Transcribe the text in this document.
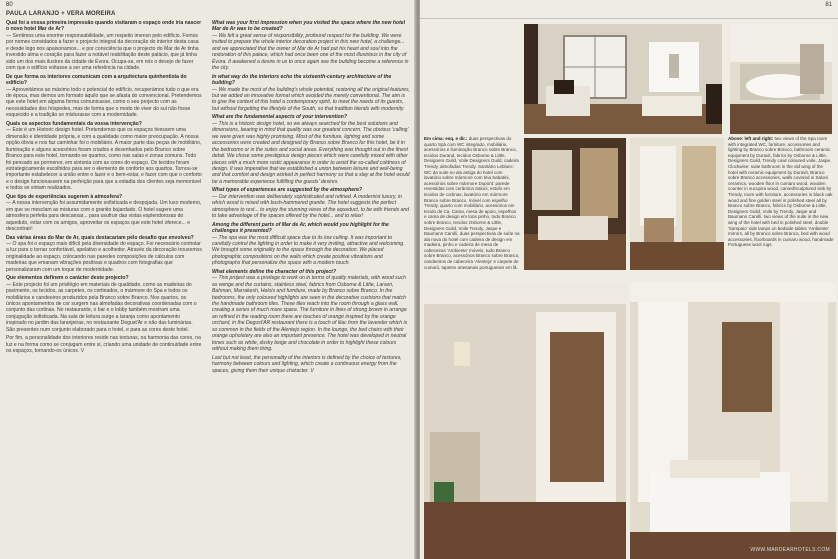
80
PAULA LARANJO + VERA MOREIRA

Qual foi a vossa primeira impressão quando visitaram o espaço onde iria nascer o novo hotel Mar de Ar?
— Sentimos uma enorme responsabilidade, um respeito imenso pelo edifício. Fomos por nomes convidados a fazer o projecto integral da decoração do interior desta casa e desde logo nos apaixonamos... e por consciência que o projecto do Mar de Ar tinha investido alma e coração para fazer a notável reabilitação deste palácio, que já tinha sido um dos mais ilustres da cidade de Évora. Ocupa-se, em nós o desejo de fazer com que o edifício voltasse a ser uma referência na cidade.

De que forma os interiores comunicam com a arquitectura quinhentista do edifício?
— Aproveitámos ao máximo todo o potencial do edifício, recuperámos tudo o que era de época, mas demos um formato àquilo que se afasta do convencional. Pretendemos que este hotel em alguma forma comunicasse, como o seu projecto com as necessidades dos hóspedes, mas de forma que o modo de viver do sul não fosse esquecido e a tradição se misturasse com a modernidade.

Quais os aspectos fundamentais da vossa intervenção?
— Este é um Historic design hotel. Pretendemos que os espaços tivessem uma dimensão e identidade própria, e com a qualidade como maior preocupação. A nossa opção óbvia e nos faz caminhar foi o mobiliário. A maior parte das peças de mobiliário, iluminação e alguns acessórios foram criados e desenhados pelo Branco sobre Branco para este hotel, tornando-se quartos, como nas salas e zonas comuns. Todo foi pensado ao pormenor, em sintonia com as cores do espaço. Os tecidos foram estrategicamente escolhidos para ser o elemento de conforto aos quartos. Tornou-se importante estabelecer a união entre o lazer e o bem-estar, e fazer com que o conforto e o design funcionassem na perfeição para que a estadia dos clientes seja memorável e todos se sintam realizados.

Que tipo de experiências sugerem à atmosfera?
— A nossa intervenção foi assumidamente sofisticada e despojada. Um luxo moderno, em que se mesclam as misturas com o granito bujardado. O hotel sugere uma atmosfera perfeita para descansar... para usufruir das vistas esplendorosas do aqueduto, estar com os amigos, aproveitar os espaços que este hotel oferece... e descontrair!

Das várias áreas do Mar de Ar, quais destacariam pelo desafio que envolveu?
— O spa foi o espaço mais difícil pela diversidade do espaço. Foi necessário controlar a luz para o tornar confortável, apelativo e acolhedor. Através da decoração trouxemos originalidade ao espaço, colocando nas paredes composições de cálculos com madeiras que emanam vibrações positivas e quadros com fotografias que personalizaram com um toque de modernidade.

Que elementos definem o carácter deste projecto?
— Este projecto foi um privilégio em materiais de qualidade, como as madeiras do pavimento, os tecidos, as carpetes, os cortinados, o mármore do Spa e todos os mobiliários e candeeiros produzidos pela Branco sobre Branco. Nos quartos, os únicos apontamentos de cor surgem nas almofadas decorativas coordenadas com o conjunto das cortinas. No restaurante, o bar e o lobby também mostram uma conjugação sofisticada. Na sala de leitura surge a laranja como apontamento inspirado no jardim das laranjeiras, no restaurante Degust'Ar e não das luminárias. São presentes num conjunto elaborado para o hotel, e para as cores deste hotel.

Por fim, a personalidade dos interiores reside nas texturas, na harmonia das cores, na luz e na forma como se conjugam entre si, criando uma unidade de continuidade entre os espaços, tornando-os únicos. V

What was your first impression when you visited the space where the new hotel Mar de Ar was to be created?
— We felt a great sense of responsibility, profound respect for the building. We were invited to prepare the whole interior decoration project in this new hotel, a challenge... and we appreciated that the owner of Mar de Ar had put his heart and soul into the restoration of this palace, which had once been one of the most illustrious in the city of Évora. It awakened a desire in us to once again see the building become a reference in the city.

In what way do the interiors echo the sixteenth-century architecture of the building?
— We made the most of the building's whole potential, restoring all the original features, but we added an innovative format which avoided the merely conventional. The aim is to give the context of this hotel a contemporary spirit, to meet the needs of its guests, but without forgetting the lifestyle of the South, so that tradition blends with modernity.

What are the fundamental aspects of your intervention?
— This is a historic design hotel, so we always searched for the best solutions and dimensions, bearing in mind that quality was our greatest concern. The obvious 'calling' we were given was highly promising. Most of the furniture, lighting and some accessories were created and designed by Branco sobre Branco for this hotel, be it in the bedrooms or in the suites and social areas. Everything was thought out in the finest detail. We chose some prestigious design pieces which were carefully mixed with other pieces with a much more rustic appearance in order to avoid the so-called coldness of design. It was imperative that we established a union between leisure and well-being and that comfort and design worked in perfect harmony so that a stay at the hotel would be a memorable experience fulfilling the guests' desires.

What types of experiences are suggested by the atmosphere?
— Our intervention was deliberately sophisticated and refined. A modernist luxury, in which wood is mixed with bush-hammered granite. The hotel suggests the perfect atmosphere to rest... to enjoy the stunning views of the aqueduct, to be with friends and to take advantage of the spaces offered by the hotel... and to relax!

Among the different parts of Mar de Ar, which would you highlight for the challenges it presented?
— The spa was the most difficult space due to its low ceiling. It was important to carefully control the lighting in order to make it very inviting, attractive and welcoming. We brought some originality to the space through the decoration. We placed photographic compositions on the walls which create positive vibrations and photographs that personalize the space with a modern touch.

What elements define the character of this project?
— This project was a privilege to work on in terms of quality materials, with wood such as wenge and the curtains, stainless steel, fabrics from Osborne & Little, Larsen, Bahman, Marrakesh, Heloís and furniture, made by Branco sobre Branco. In the bedrooms, the only coloured highlights are seen in the decorative cushions that match the handmade bathroom tiles. These tiles reach into the room through a glass wall, creating a series of much more space. The furniture in lines of strong brown in arrange an refined in the reading room there are touches of orange inspired by the orange orchard, in the Degust'AR restaurant there is a touch of lilac from the lavender which is so common in the fields of the Alentejo region. In the lounge, the bed chairs with their orange upholstery are also an important presence. The hotel was developed in neutral tones such as white, dusky beige and chocolate in order to highlight these colours without making them tiring.

Last but not least, the personality of the interiors is defined by the choice of textures, harmony between colours and lighting, which create a continuous energy from the spaces, giving them their unique character. V

81
Em cima: esq. e dir.: duas perspectivas do quarto Spa com WC integrado, mobiliário, acessórios e iluminação Branco sobre Branco, tecidos Durand, tecidos Osborne & Little, Designers Guild, Voile Designers Guild, cadeira Trendy, almofadas Trendy. Sanitário Leblanc: WC da suite no ala antiga do hotel com lavatório sobre mármore com tina Sabatini, acessórios sobre mármore Dupont: parede revestidas com cerâmica Saloni; estofo em tecidos de cortinas, lavatório em mármore Branco sobre Branco, móvel com espelho Trendy, quarto com mobiliário, acessórios em tecido de Ca. Cama, mesa de apoio, espelhos e cama de design em tons pinho, todo Branco sobre Branco, tecidos Osborne & Little, Designers Guild, Voile Trendy, Jaspe e Baumann Carolli, duas perspectivas de suíte na ala nova do hotel com cadeira de design em madeira, pinho e cadeira de mesa de cabeceiras 'Ambiente' móveis, tudo Branco sobre Branco, acessórios Branco sobre Branco, candeeiros de cabeceira 'Alentejo' e carpete de cumarú, tapetes artesanais portugueses em lã.
Above: left and right: two views of the Spa room with integrated WC, furniture, accessories and lighting by Branco sobre Branco, bathroom ceramic equipment by Duravit, fabrics by Osborne & Little, Designers Guild, Trendy cowl coloured voile, Jaspe. Clockwise: suite bathroom in the old wing of the hotel with ceramic equipment by Duravit, Branco sobre Branco accessories, walls covered in Saloni ceramics, wooden floor in cumaru wood, wooden counter in sucupira wood, carved/sculptured sink by Trendy, room with furniture, accessories in black oak wood and fine golden steel in polished steel all by Branco sobre Branco, fabrics by Osborne & Little, Designers Guild, Voile by Trendy, Jaspe and Baumann Carolli, two views of the suite in the new wing of the hotel with bed in polished steel, double 'Sampaio' side lamps on bedside tables 'Ambiente' mirrors, all by Branco sobre Branco, bed with wood accessories, floorboards in cumaru wood, handmade Portuguese wool rugs.
WWW.MARDEARHOTELS.COM
